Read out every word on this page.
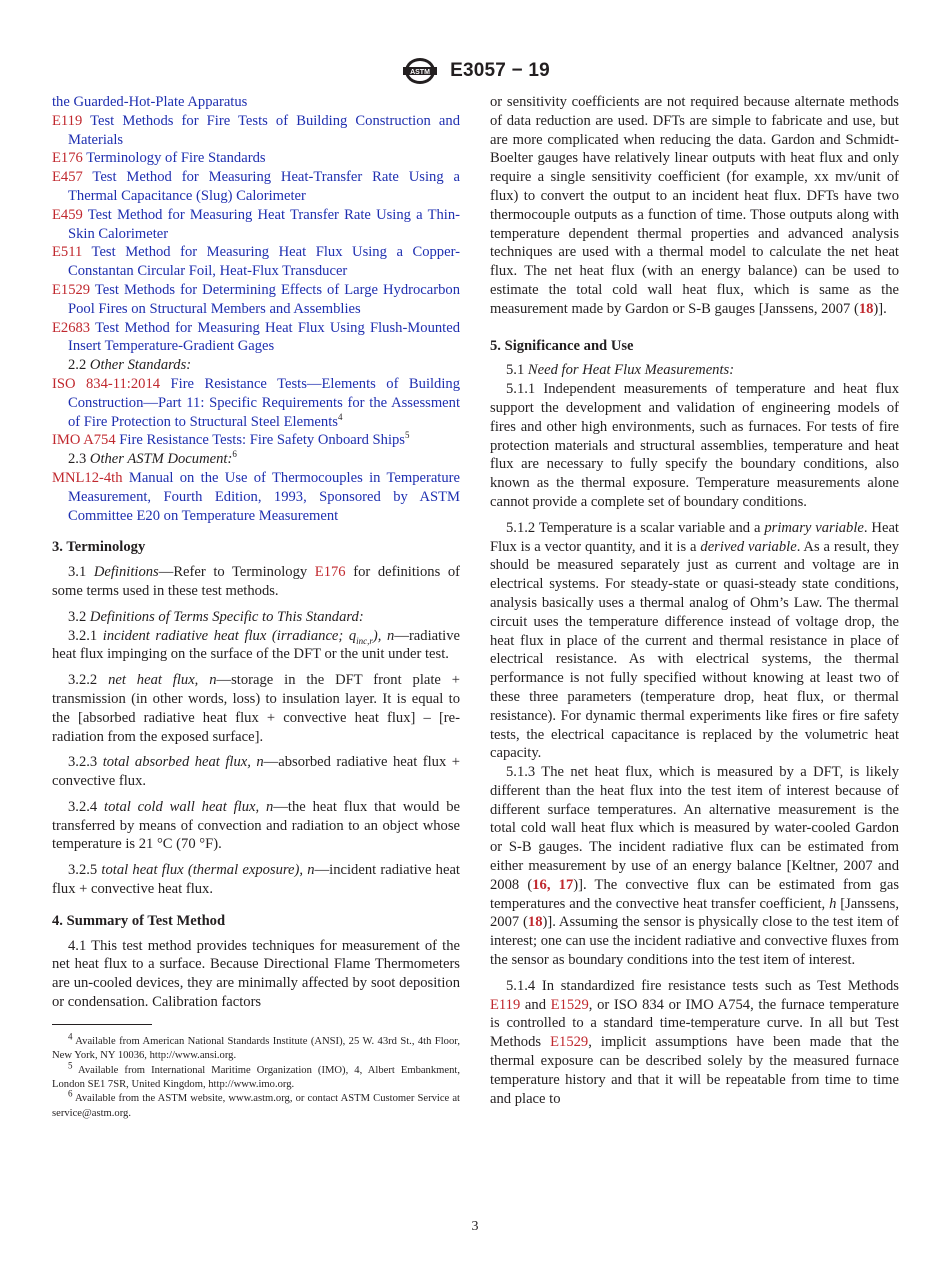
ASTM E3057 − 19

the Guarded-Hot-Plate Apparatus

E119 Test Methods for Fire Tests of Building Construction and Materials

E176 Terminology of Fire Standards

E457 Test Method for Measuring Heat-Transfer Rate Using a Thermal Capacitance (Slug) Calorimeter

E459 Test Method for Measuring Heat Transfer Rate Using a Thin-Skin Calorimeter

E511 Test Method for Measuring Heat Flux Using a Copper-Constantan Circular Foil, Heat-Flux Transducer

E1529 Test Methods for Determining Effects of Large Hydrocarbon Pool Fires on Structural Members and Assemblies

E2683 Test Method for Measuring Heat Flux Using Flush-Mounted Insert Temperature-Gradient Gages

2.2 Other Standards:

ISO 834-11:2014 Fire Resistance Tests—Elements of Building Construction—Part 11: Specific Requirements for the Assessment of Fire Protection to Structural Steel Elements$^4$

IMO A754 Fire Resistance Tests: Fire Safety Onboard Ships$^5$

2.3 Other ASTM Document:$^6$

MNL12-4th Manual on the Use of Thermocouples in Temperature Measurement, Fourth Edition, 1993, Sponsored by ASTM Committee E20 on Temperature Measurement

3. Terminology

3.1 Definitions—Refer to Terminology E176 for definitions of some terms used in these test methods.

3.2 Definitions of Terms Specific to This Standard:

3.2.1 incident radiative heat flux (irradiance; $q_{inc,r}$), n—radiative heat flux impinging on the surface of the DFT or the unit under test.

3.2.2 net heat flux, n—storage in the DFT front plate + transmission (in other words, loss) to insulation layer. It is equal to the [absorbed radiative heat flux + convective heat flux] – [re-radiation from the exposed surface].

3.2.3 total absorbed heat flux, n—absorbed radiative heat flux + convective flux.

3.2.4 total cold wall heat flux, n—the heat flux that would be transferred by means of convection and radiation to an object whose temperature is 21 °C (70 °F).

3.2.5 total heat flux (thermal exposure), n—incident radiative heat flux + convective heat flux.

4. Summary of Test Method

4.1 This test method provides techniques for measurement of the net heat flux to a surface. Because Directional Flame Thermometers are un-cooled devices, they are minimally affected by soot deposition or condensation. Calibration factors

$^4$ Available from American National Standards Institute (ANSI), 25 W. 43rd St., 4th Floor, New York, NY 10036, http://www.ansi.org.

$^5$ Available from International Maritime Organization (IMO), 4, Albert Embankment, London SE1 7SR, United Kingdom, http://www.imo.org.

$^6$ Available from the ASTM website, www.astm.org, or contact ASTM Customer Service at service@astm.org.

or sensitivity coefficients are not required because alternate methods of data reduction are used. DFTs are simple to fabricate and use, but are more complicated when reducing the data. Gardon and Schmidt-Boelter gauges have relatively linear outputs with heat flux and only require a single sensitivity coefficient (for example, xx mv/unit of flux) to convert the output to an incident heat flux. DFTs have two thermocouple outputs as a function of time. Those outputs along with temperature dependent thermal properties and advanced analysis techniques are used with a thermal model to calculate the net heat flux. The net heat flux (with an energy balance) can be used to estimate the total cold wall heat flux, which is same as the measurement made by Gardon or S-B gauges [Janssens, 2007 (18)].

5. Significance and Use

5.1 Need for Heat Flux Measurements:

5.1.1 Independent measurements of temperature and heat flux support the development and validation of engineering models of fires and other high environments, such as furnaces. For tests of fire protection materials and structural assemblies, temperature and heat flux are necessary to fully specify the boundary conditions, also known as the thermal exposure. Temperature measurements alone cannot provide a complete set of boundary conditions.

5.1.2 Temperature is a scalar variable and a primary variable. Heat Flux is a vector quantity, and it is a derived variable. As a result, they should be measured separately just as current and voltage are in electrical systems. For steady-state or quasi-steady state conditions, analysis basically uses a thermal analog of Ohm’s Law. The thermal circuit uses the temperature difference instead of voltage drop, the heat flux in place of the current and thermal resistance in place of electrical resistance. As with electrical systems, the thermal performance is not fully specified without knowing at least two of these three parameters (temperature drop, heat flux, or thermal resistance). For dynamic thermal experiments like fires or fire safety tests, the electrical capacitance is replaced by the volumetric heat capacity.

5.1.3 The net heat flux, which is measured by a DFT, is likely different than the heat flux into the test item of interest because of different surface temperatures. An alternative measurement is the total cold wall heat flux which is measured by water-cooled Gardon or S-B gauges. The incident radiative flux can be estimated from either measurement by use of an energy balance [Keltner, 2007 and 2008 (16, 17)]. The convective flux can be estimated from gas temperatures and the convective heat transfer coefficient, h [Janssens, 2007 (18)]. Assuming the sensor is physically close to the test item of interest; one can use the incident radiative and convective fluxes from the sensor as boundary conditions into the test item of interest.

5.1.4 In standardized fire resistance tests such as Test Methods E119 and E1529, or ISO 834 or IMO A754, the furnace temperature is controlled to a standard time-temperature curve. In all but Test Methods E1529, implicit assumptions have been made that the thermal exposure can be described solely by the measured furnace temperature history and that it will be repeatable from time to time and place to

3
